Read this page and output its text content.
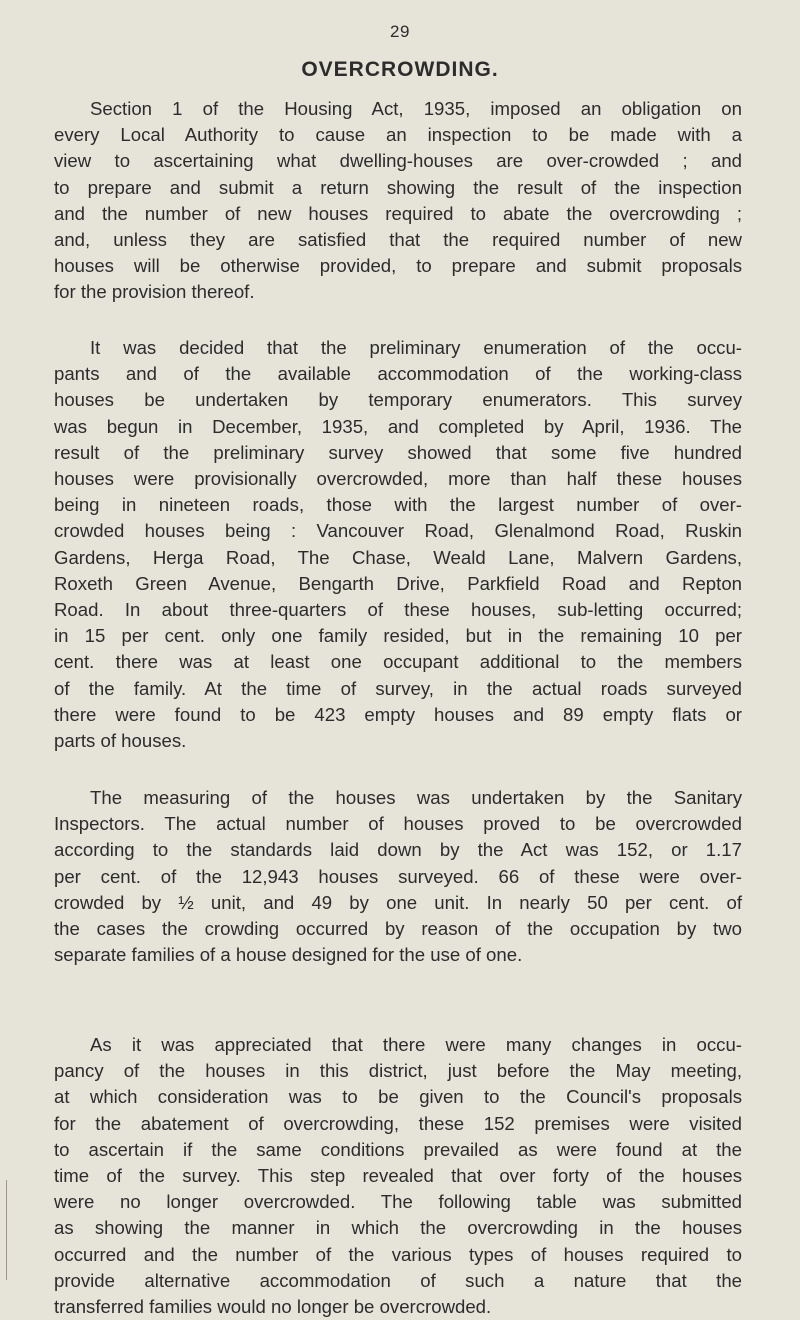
29
OVERCROWDING.

Section 1 of the Housing Act, 1935, imposed an obligation on
every Local Authority to cause an inspection to be made with a
view to ascertaining what dwelling-houses are over-crowded ; and
to prepare and submit a return showing the result of the inspection
and the number of new houses required to abate the overcrowding ;
and, unless they are satisfied that the required number of new
houses will be otherwise provided, to prepare and submit proposals
for the provision thereof.

It was decided that the preliminary enumeration of the occu-
pants and of the available accommodation of the working-class
houses be undertaken by temporary enumerators. This survey
was begun in December, 1935, and completed by April, 1936. The
result of the preliminary survey showed that some five hundred
houses were provisionally overcrowded, more than half these houses
being in nineteen roads, those with the largest number of over-
crowded houses being : Vancouver Road, Glenalmond Road, Ruskin
Gardens, Herga Road, The Chase, Weald Lane, Malvern Gardens,
Roxeth Green Avenue, Bengarth Drive, Parkfield Road and Repton
Road. In about three-quarters of these houses, sub-letting occurred;
in 15 per cent. only one family resided, but in the remaining 10 per
cent. there was at least one occupant additional to the members
of the family. At the time of survey, in the actual roads surveyed
there were found to be 423 empty houses and 89 empty flats or
parts of houses.

The measuring of the houses was undertaken by the Sanitary
Inspectors. The actual number of houses proved to be overcrowded
according to the standards laid down by the Act was 152, or 1.17
per cent. of the 12,943 houses surveyed. 66 of these were over-
crowded by ½ unit, and 49 by one unit. In nearly 50 per cent. of
the cases the crowding occurred by reason of the occupation by two
separate families of a house designed for the use of one.

As it was appreciated that there were many changes in occu-
pancy of the houses in this district, just before the May meeting,
at which consideration was to be given to the Council's proposals
for the abatement of overcrowding, these 152 premises were visited
to ascertain if the same conditions prevailed as were found at the
time of the survey. This step revealed that over forty of the houses
were no longer overcrowded. The following table was submitted
as showing the manner in which the overcrowding in the houses
occurred and the number of the various types of houses required to
provide alternative accommodation of such a nature that the
transferred families would no longer be overcrowded.
